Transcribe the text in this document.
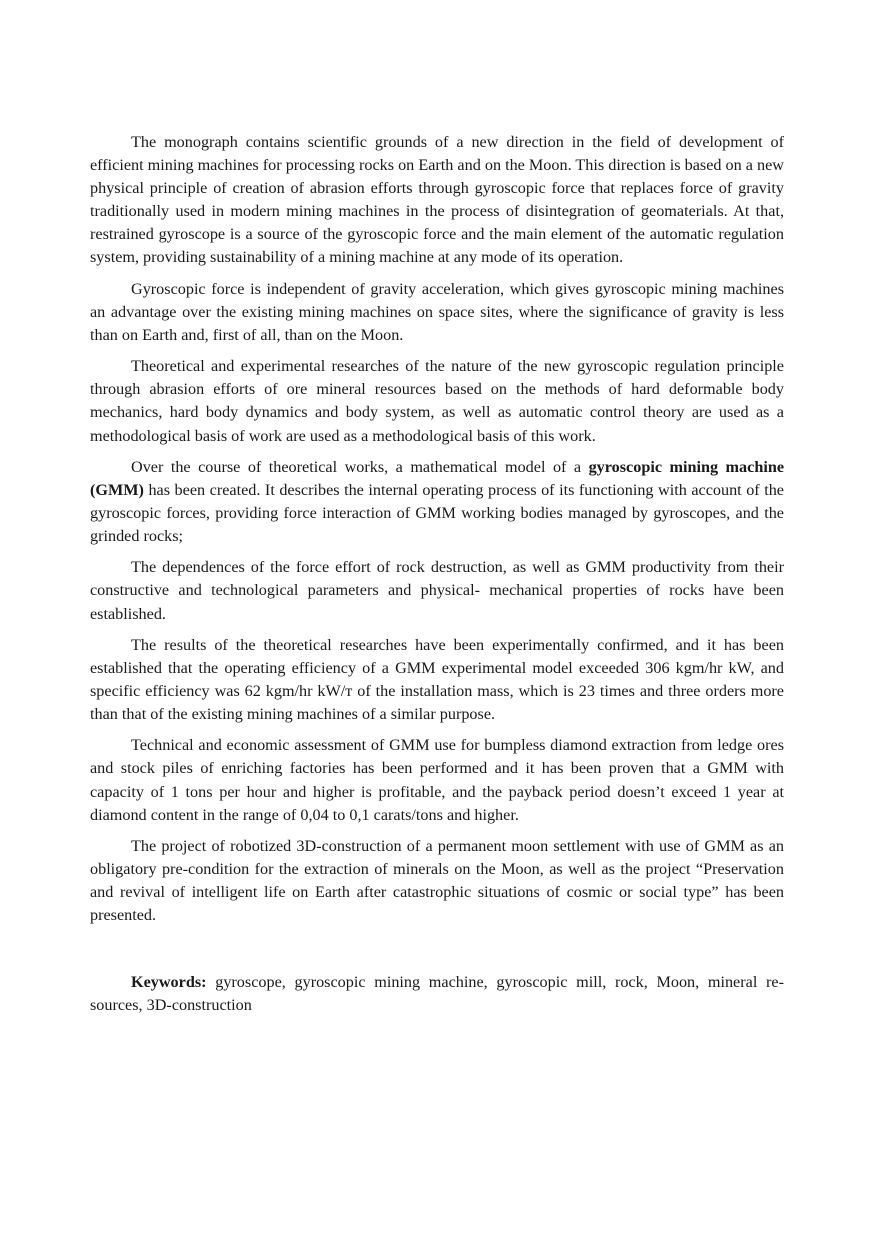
The monograph contains scientific grounds of a new direction in the field of development of efficient mining machines for processing rocks on Earth and on the Moon. This direction is based on a new physical principle of creation of abrasion efforts through gyroscopic force that replaces force of gravity traditionally used in modern mining machines in the process of disintegration of geomaterials. At that, restrained gyroscope is a source of the gyroscopic force and the main element of the automatic regulation system, providing sustainability of a mining machine at any mode of its operation.

Gyroscopic force is independent of gravity acceleration, which gives gyroscopic mining machines an advantage over the existing mining machines on space sites, where the significance of gravity is less than on Earth and, first of all, than on the Moon.

Theoretical and experimental researches of the nature of the new gyroscopic regulation principle through abrasion efforts of ore mineral resources based on the methods of hard deformable body mechanics, hard body dynamics and body system, as well as automatic control theory are used as a methodological basis of work are used as a methodological basis of this work.

Over the course of theoretical works, a mathematical model of a gyroscopic mining machine (GMM) has been created. It describes the internal operating process of its functioning with account of the gyroscopic forces, providing force interaction of GMM working bodies managed by gyroscopes, and the grinded rocks;

The dependences of the force effort of rock destruction, as well as GMM productivity from their constructive and technological parameters and physical- mechanical properties of rocks have been established.

The results of the theoretical researches have been experimentally confirmed, and it has been established that the operating efficiency of a GMM experimental model exceeded 306 kgm/hr kW, and specific efficiency was 62 kgm/hr kW/т of the installation mass, which is 23 times and three orders more than that of the existing mining machines of a similar purpose.

Technical and economic assessment of GMM use for bumpless diamond extraction from ledge ores and stock piles of enriching factories has been performed and it has been proven that a GMM with capacity of 1 tons per hour and higher is profitable, and the payback period doesn’t exceed 1 year at diamond content in the range of 0,04 to 0,1 carats/tons and higher.

The project of robotized 3D-construction of a permanent moon settlement with use of GMM as an obligatory pre-condition for the extraction of minerals on the Moon, as well as the project “Preservation and revival of intelligent life on Earth after catastrophic situations of cosmic or social type” has been presented.

Keywords: gyroscope, gyroscopic mining machine, gyroscopic mill, rock, Moon, mineral resources, 3D-construction
